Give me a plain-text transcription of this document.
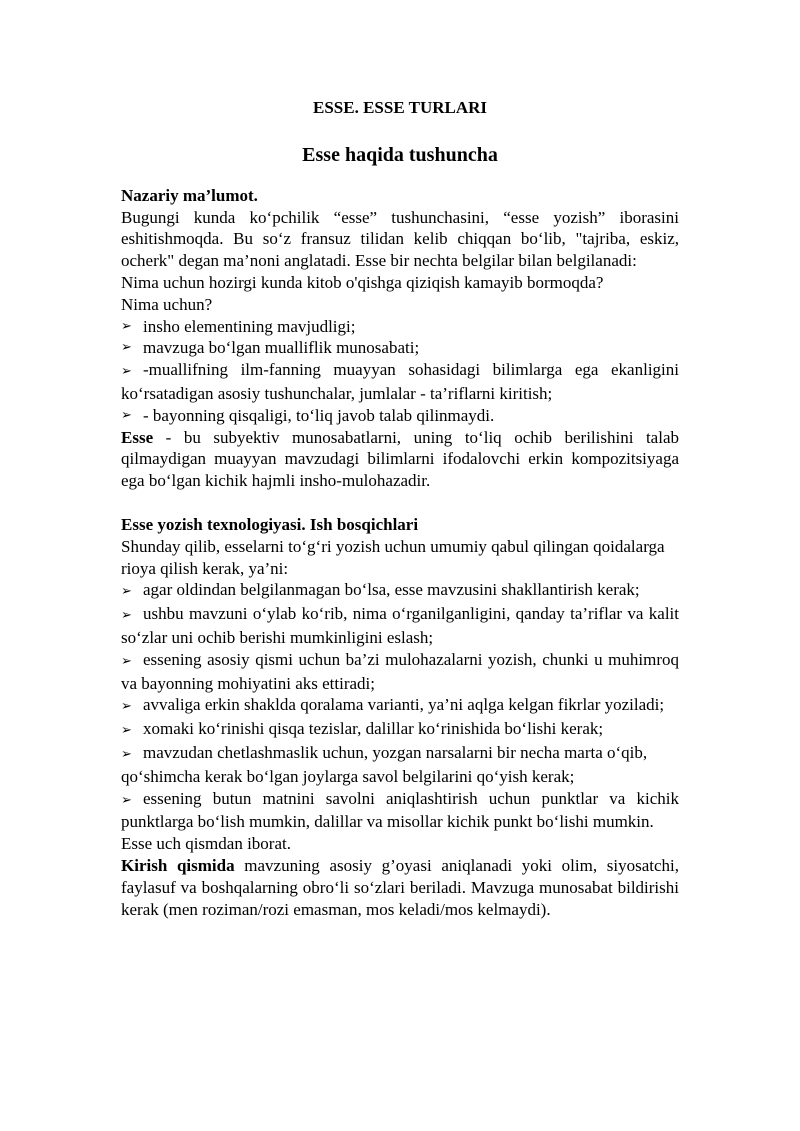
ESSE. ESSE TURLARI

Esse haqida tushuncha

Nazariy ma’lumot.

Bugungi kunda ko‘pchilik “esse” tushunchasini, “esse yozish” iborasini eshitishmoqda. Bu so‘z fransuz tilidan kelib chiqqan bo‘lib, "tajriba, eskiz, ocherk" degan ma’noni anglatadi. Esse bir nechta belgilar bilan belgilanadi:

Nima uchun hozirgi kunda kitob o'qishga qiziqish kamayib bormoqda?

Nima uchun?

➢ insho elementining mavjudligi;
➢ mavzuga bo‘lgan mualliflik munosabati;
➢ -muallifning ilm-fanning muayyan sohasidagi bilimlarga ega ekanligini ko‘rsatadigan asosiy tushunchalar, jumlalar - ta’riflarni kiritish;
➢ - bayonning qisqaligi, to‘liq javob talab qilinmaydi.

Esse - bu subyektiv munosabatlarni, uning to‘liq ochib berilishini talab qilmaydigan muayyan mavzudagi bilimlarni ifodalovchi erkin kompozitsiyaga ega bo‘lgan kichik hajmli insho-mulohazadir.

Esse yozish texnologiyasi. Ish bosqichlari

Shunday qilib, esselarni to‘g‘ri yozish uchun umumiy qabul qilingan qoidalarga rioya qilish kerak, ya’ni:

➢ agar oldindan belgilanmagan bo‘lsa, esse mavzusini shakllantirish kerak;
➢ ushbu mavzuni o‘ylab ko‘rib, nima o‘rganilganligini, qanday ta’riflar va kalit so‘zlar uni ochib berishi mumkinligini eslash;
➢ essening asosiy qismi uchun ba’zi mulohazalarni yozish, chunki u muhimroq va bayonning mohiyatini aks ettiradi;
➢ avvaliga erkin shaklda qoralama varianti, ya’ni aqlga kelgan fikrlar yoziladi;
➢ xomaki ko‘rinishi qisqa tezislar, dalillar ko‘rinishida bo‘lishi kerak;
➢ mavzudan chetlashmaslik uchun, yozgan narsalarni bir necha marta o‘qib,

qo‘shimcha kerak bo‘lgan joylarga savol belgilarini qo‘yish kerak;

➢ essening butun matnini savolni aniqlashtirish uchun punktlar va kichik punktlarga bo‘lish mumkin, dalillar va misollar kichik punkt bo‘lishi mumkin.

Esse uch qismdan iborat.

Kirish qismida mavzuning asosiy g’oyasi aniqlanadi yoki olim, siyosatchi, faylasuf va boshqalarning obro‘li so‘zlari beriladi. Mavzuga munosabat bildirishi kerak (men roziman/rozi emasman, mos keladi/mos kelmaydi).
